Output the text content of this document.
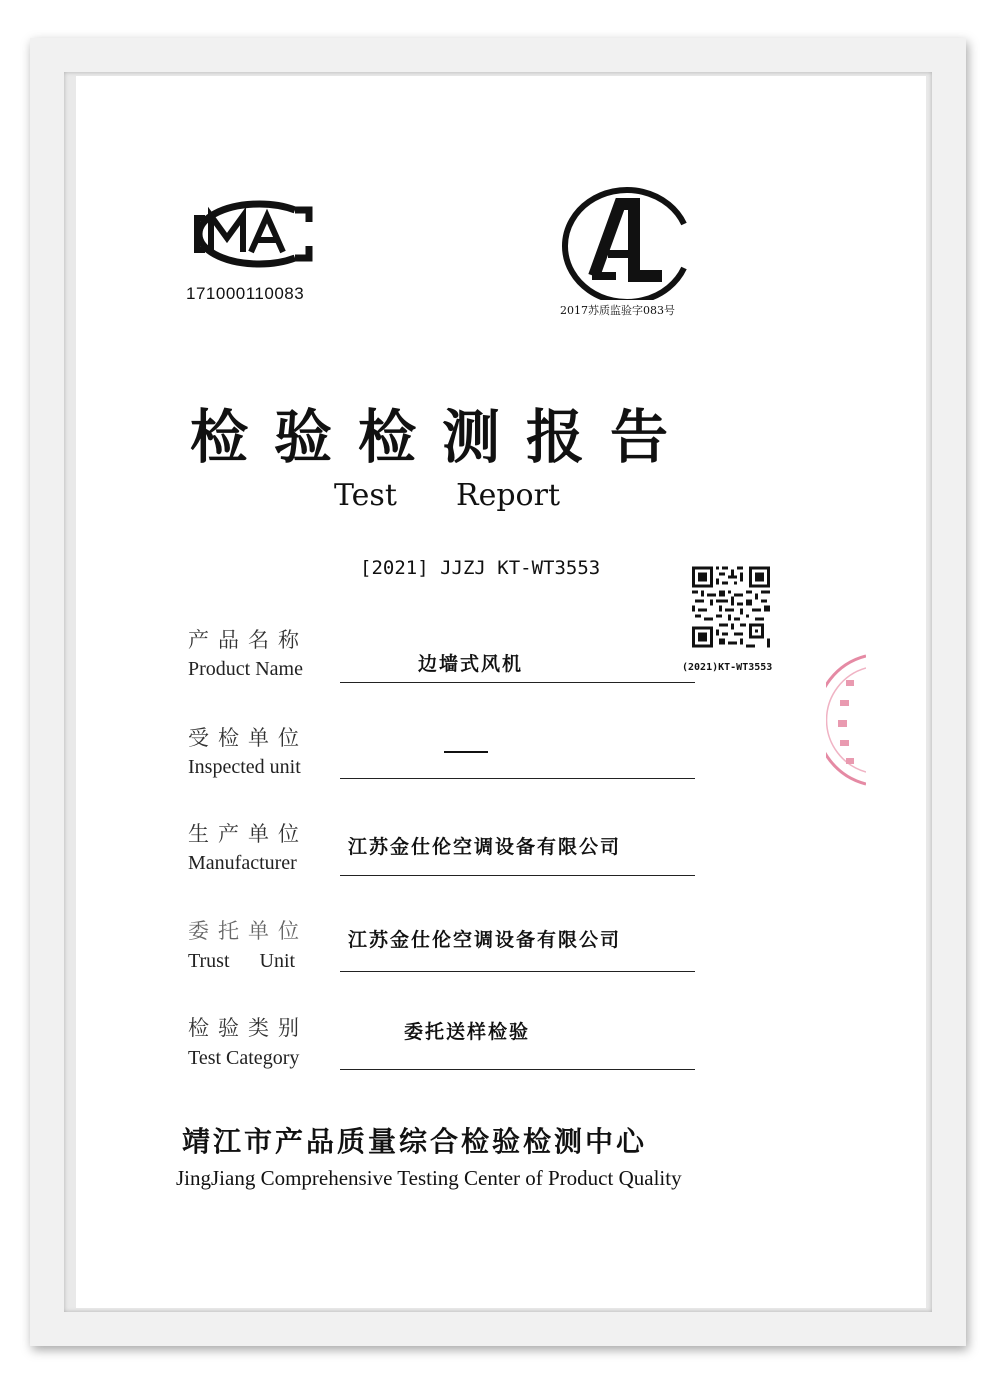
171000110083
2017苏质监验字083号
检验检测报告
Test Report
[2021] JJZJ KT-WT3553
(2021)KT-WT3553
产品名称
Product Name	边墙式风机
受检单位
Inspected unit
生产单位
Manufacturer
江苏金仕伦空调设备有限公司
委托单位
Trust      Unit
江苏金仕伦空调设备有限公司
检验类别
Test Category
委托送样检验
靖江市产品质量综合检验检测中心
JingJiang Comprehensive Testing Center of Product Quality
